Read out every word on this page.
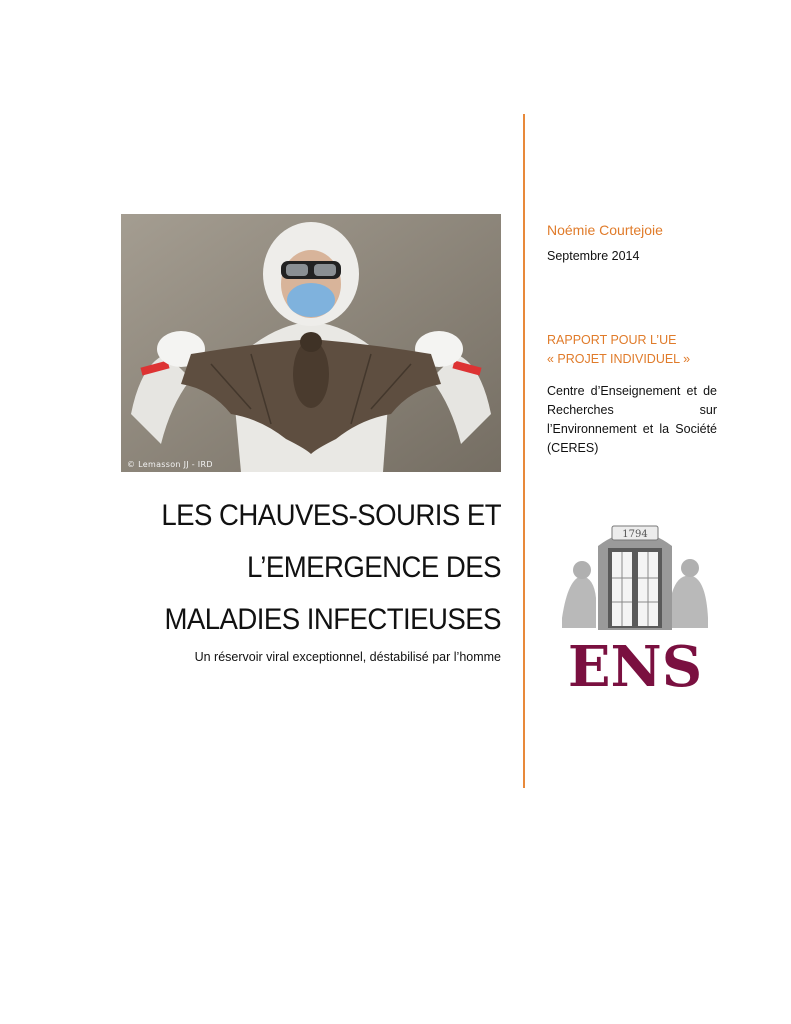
© Lemasson JJ - IRD
LES CHAUVES-SOURIS ET
L’EMERGENCE DES
MALADIES INFECTIEUSES
Un réservoir viral exceptionnel, déstabilisé par l’homme
Noémie Courtejoie
Septembre 2014
RAPPORT POUR L’UE
« PROJET INDIVIDUEL »
Centre d’Enseignement et de Recherches sur l’Environnement et la Société (CERES)
1794
ENS
